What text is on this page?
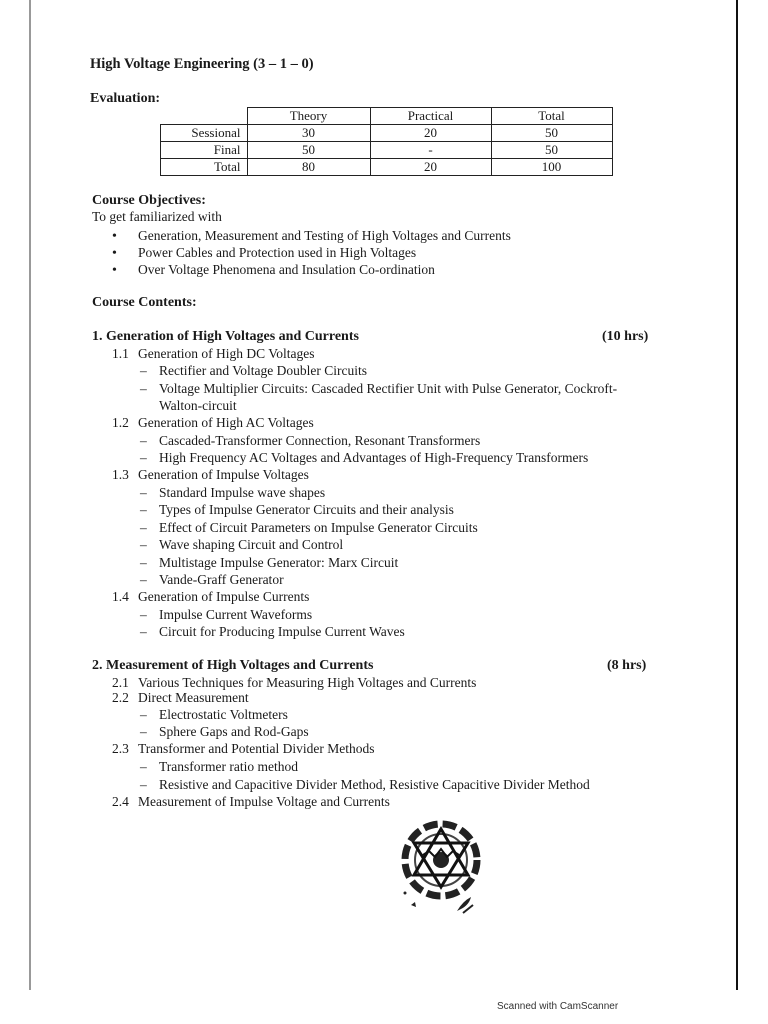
High Voltage Engineering (3 – 1 – 0)
Evaluation:
	Theory	Practical	Total
Sessional	30	20	50
Final	50	-	50
Total	80	20	100
Course Objectives:
To get familiarized with
• Generation, Measurement and Testing of High Voltages and Currents
• Power Cables and Protection used in High Voltages
• Over Voltage Phenomena and Insulation Co-ordination
Course Contents:
1. Generation of High Voltages and Currents	(10 hrs)
1.1 Generation of High DC Voltages
– Rectifier and Voltage Doubler Circuits
– Voltage Multiplier Circuits: Cascaded Rectifier Unit with Pulse Generator, Cockroft-
Walton-circuit
1.2 Generation of High AC Voltages
– Cascaded-Transformer Connection, Resonant Transformers
– High Frequency AC Voltages and Advantages of High-Frequency Transformers
1.3 Generation of Impulse Voltages
– Standard Impulse wave shapes
– Types of Impulse Generator Circuits and their analysis
– Effect of Circuit Parameters on Impulse Generator Circuits
– Wave shaping Circuit and Control
– Multistage Impulse Generator: Marx Circuit
– Vande-Graff Generator
1.4 Generation of Impulse Currents
– Impulse Current Waveforms
– Circuit for Producing Impulse Current Waves
2. Measurement of High Voltages and Currents	(8 hrs)
2.1 Various Techniques for Measuring High Voltages and Currents
2.2 Direct Measurement
– Electrostatic Voltmeters
– Sphere Gaps and Rod-Gaps
2.3 Transformer and Potential Divider Methods
– Transformer ratio method
– Resistive and Capacitive Divider Method, Resistive Capacitive Divider Method
2.4 Measurement of Impulse Voltage and Currents
Scanned with CamScanner
